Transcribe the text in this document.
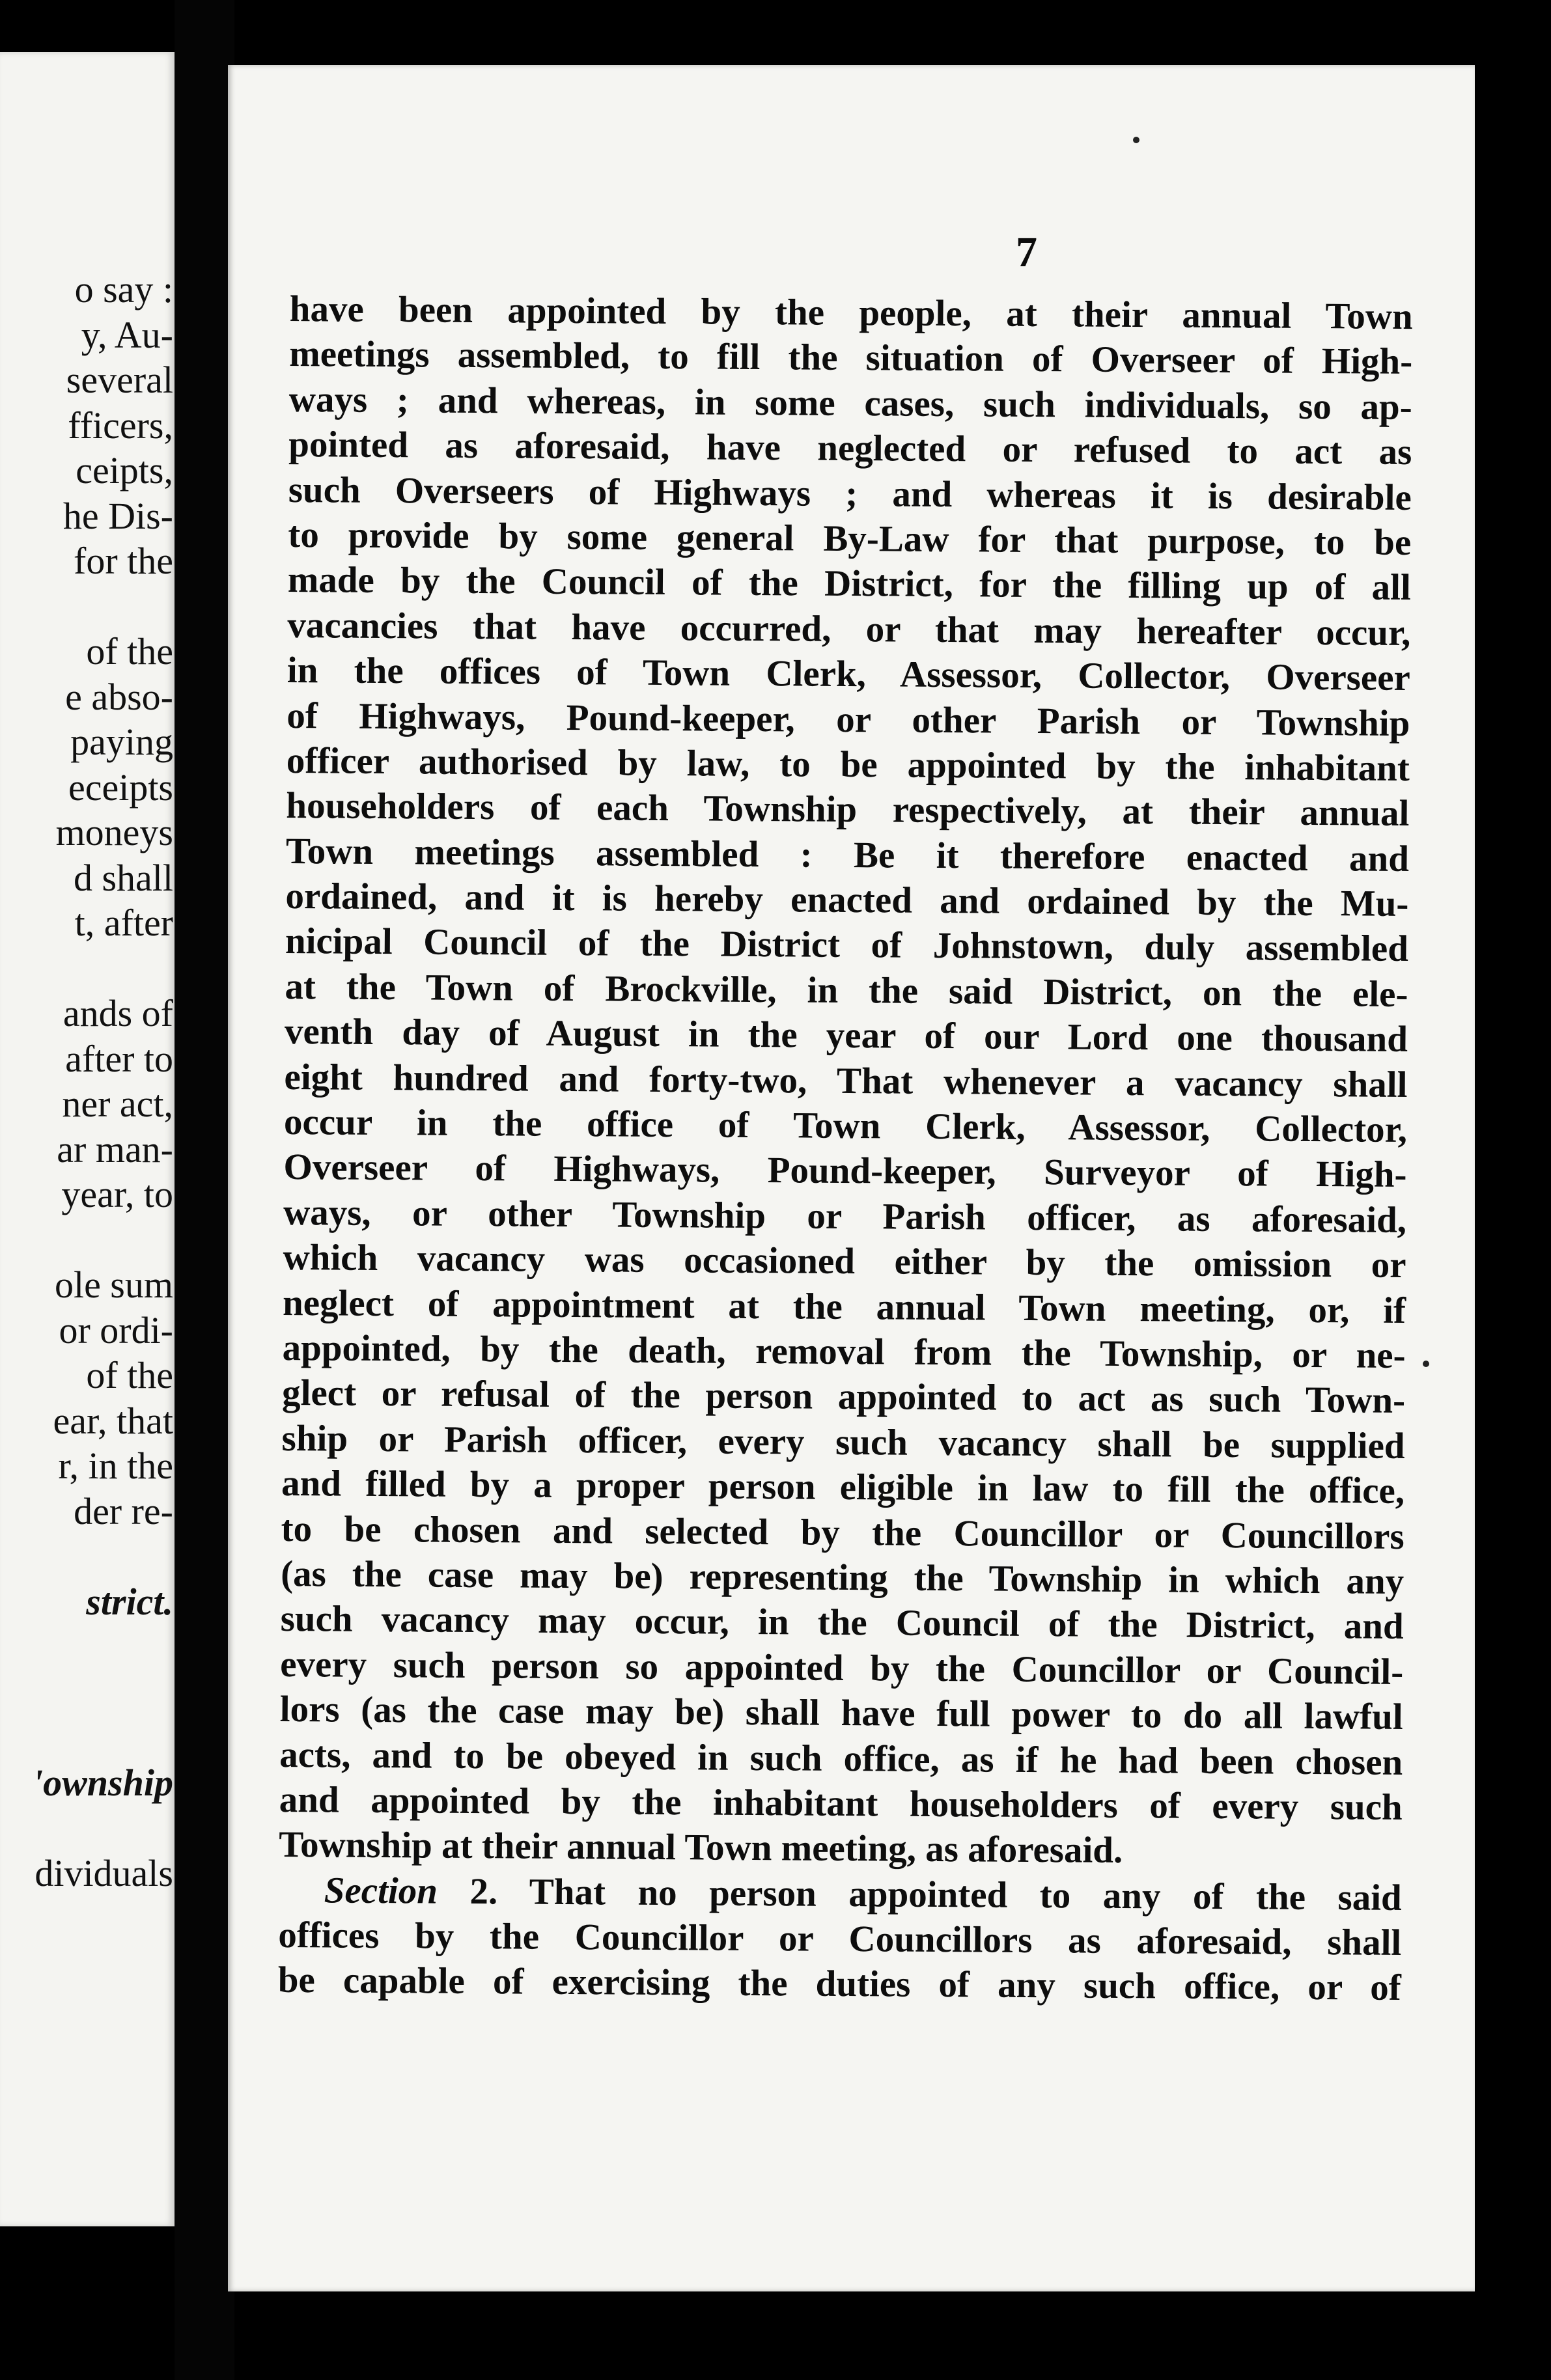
o say :
y, Au-
several
fficers,
ceipts,
he Dis-
for the
of the
e abso-
paying
eceipts
moneys
d shall
t, after
ands of
after to
ner act,
ar man-
year, to
ole sum
or ordi-
of the
ear, that
r, in the
der re-
strict.
'ownship
dividuals
7
have been appointed by the people, at their annual Town
meetings assembled, to fill the situation of Overseer of High-
ways ; and whereas, in some cases, such individuals, so ap-
pointed as aforesaid, have neglected or refused to act as
such Overseers of Highways ; and whereas it is desirable
to provide by some general By-Law for that purpose, to be
made by the Council of the District, for the filling up of all
vacancies that have occurred, or that may hereafter occur,
in the offices of Town Clerk, Assessor, Collector, Overseer
of Highways, Pound-keeper, or other Parish or Township
officer authorised by law, to be appointed by the inhabitant
householders of each Township respectively, at their annual
Town meetings assembled : Be it therefore enacted and
ordained, and it is hereby enacted and ordained by the Mu-
nicipal Council of the District of Johnstown, duly assembled
at the Town of Brockville, in the said District, on the ele-
venth day of August in the year of our Lord one thousand
eight hundred and forty-two, That whenever a vacancy shall
occur in the office of Town Clerk, Assessor, Collector,
Overseer of Highways, Pound-keeper, Surveyor of High-
ways, or other Township or Parish officer, as aforesaid,
which vacancy was occasioned either by the omission or
neglect of appointment at the annual Town meeting, or, if
appointed, by the death, removal from the Township, or ne-
glect or refusal of the person appointed to act as such Town-
ship or Parish officer, every such vacancy shall be supplied
and filled by a proper person eligible in law to fill the office,
to be chosen and selected by the Councillor or Councillors
(as the case may be) representing the Township in which any
such vacancy may occur, in the Council of the District, and
every such person so appointed by the Councillor or Council-
lors (as the case may be) shall have full power to do all lawful
acts, and to be obeyed in such office, as if he had been chosen
and appointed by the inhabitant householders of every such
Township at their annual Town meeting, as aforesaid.
Section 2. That no person appointed to any of the said
offices by the Councillor or Councillors as aforesaid, shall
be capable of exercising the duties of any such office, or of
